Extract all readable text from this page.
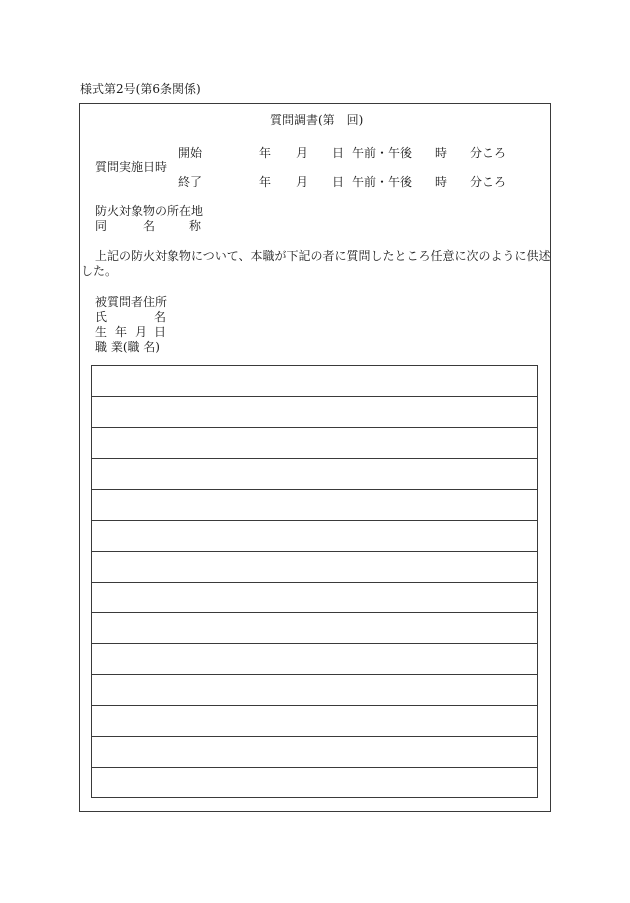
様式第2号(第6条関係)
質問調書(第　回)
質問実施日時
開始	年 月 日 午前・午後 時 分ころ
終了	年 月 日 午前・午後 時 分ころ
防火対象物の所在地
同	名	称
上記の防火対象物について、本職が下記の者に質問したところ任意に次のように供述
した。
被質問者住所
氏	名
生 年 月 日
職 業(職 名)
